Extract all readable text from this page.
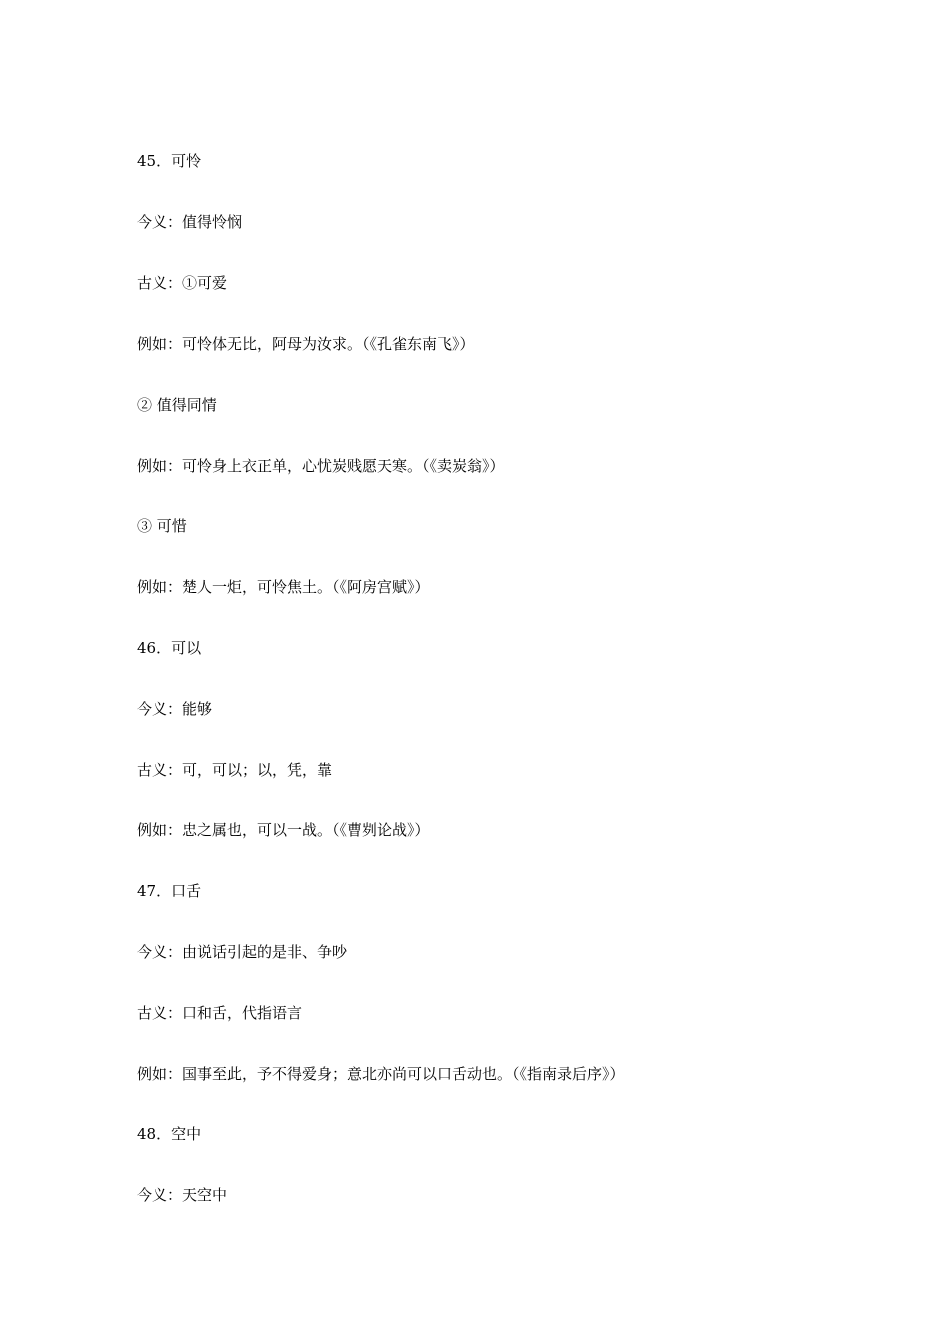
45．可怜
今义：值得怜悯
古义：①可爱
例如：可怜体无比，阿母为汝求。（《孔雀东南飞》）
② 值得同情
例如：可怜身上衣正单，心忧炭贱愿天寒。（《卖炭翁》）
③ 可惜
例如：楚人一炬，可怜焦土。（《阿房宫赋》）
46．可以
今义：能够
古义：可，可以；以，凭，靠
例如：忠之属也，可以一战。（《曹刿论战》）
47．口舌
今义：由说话引起的是非、争吵
古义：口和舌，代指语言
例如：国事至此，予不得爱身；意北亦尚可以口舌动也。（《指南录后序》）
48．空中
今义：天空中
